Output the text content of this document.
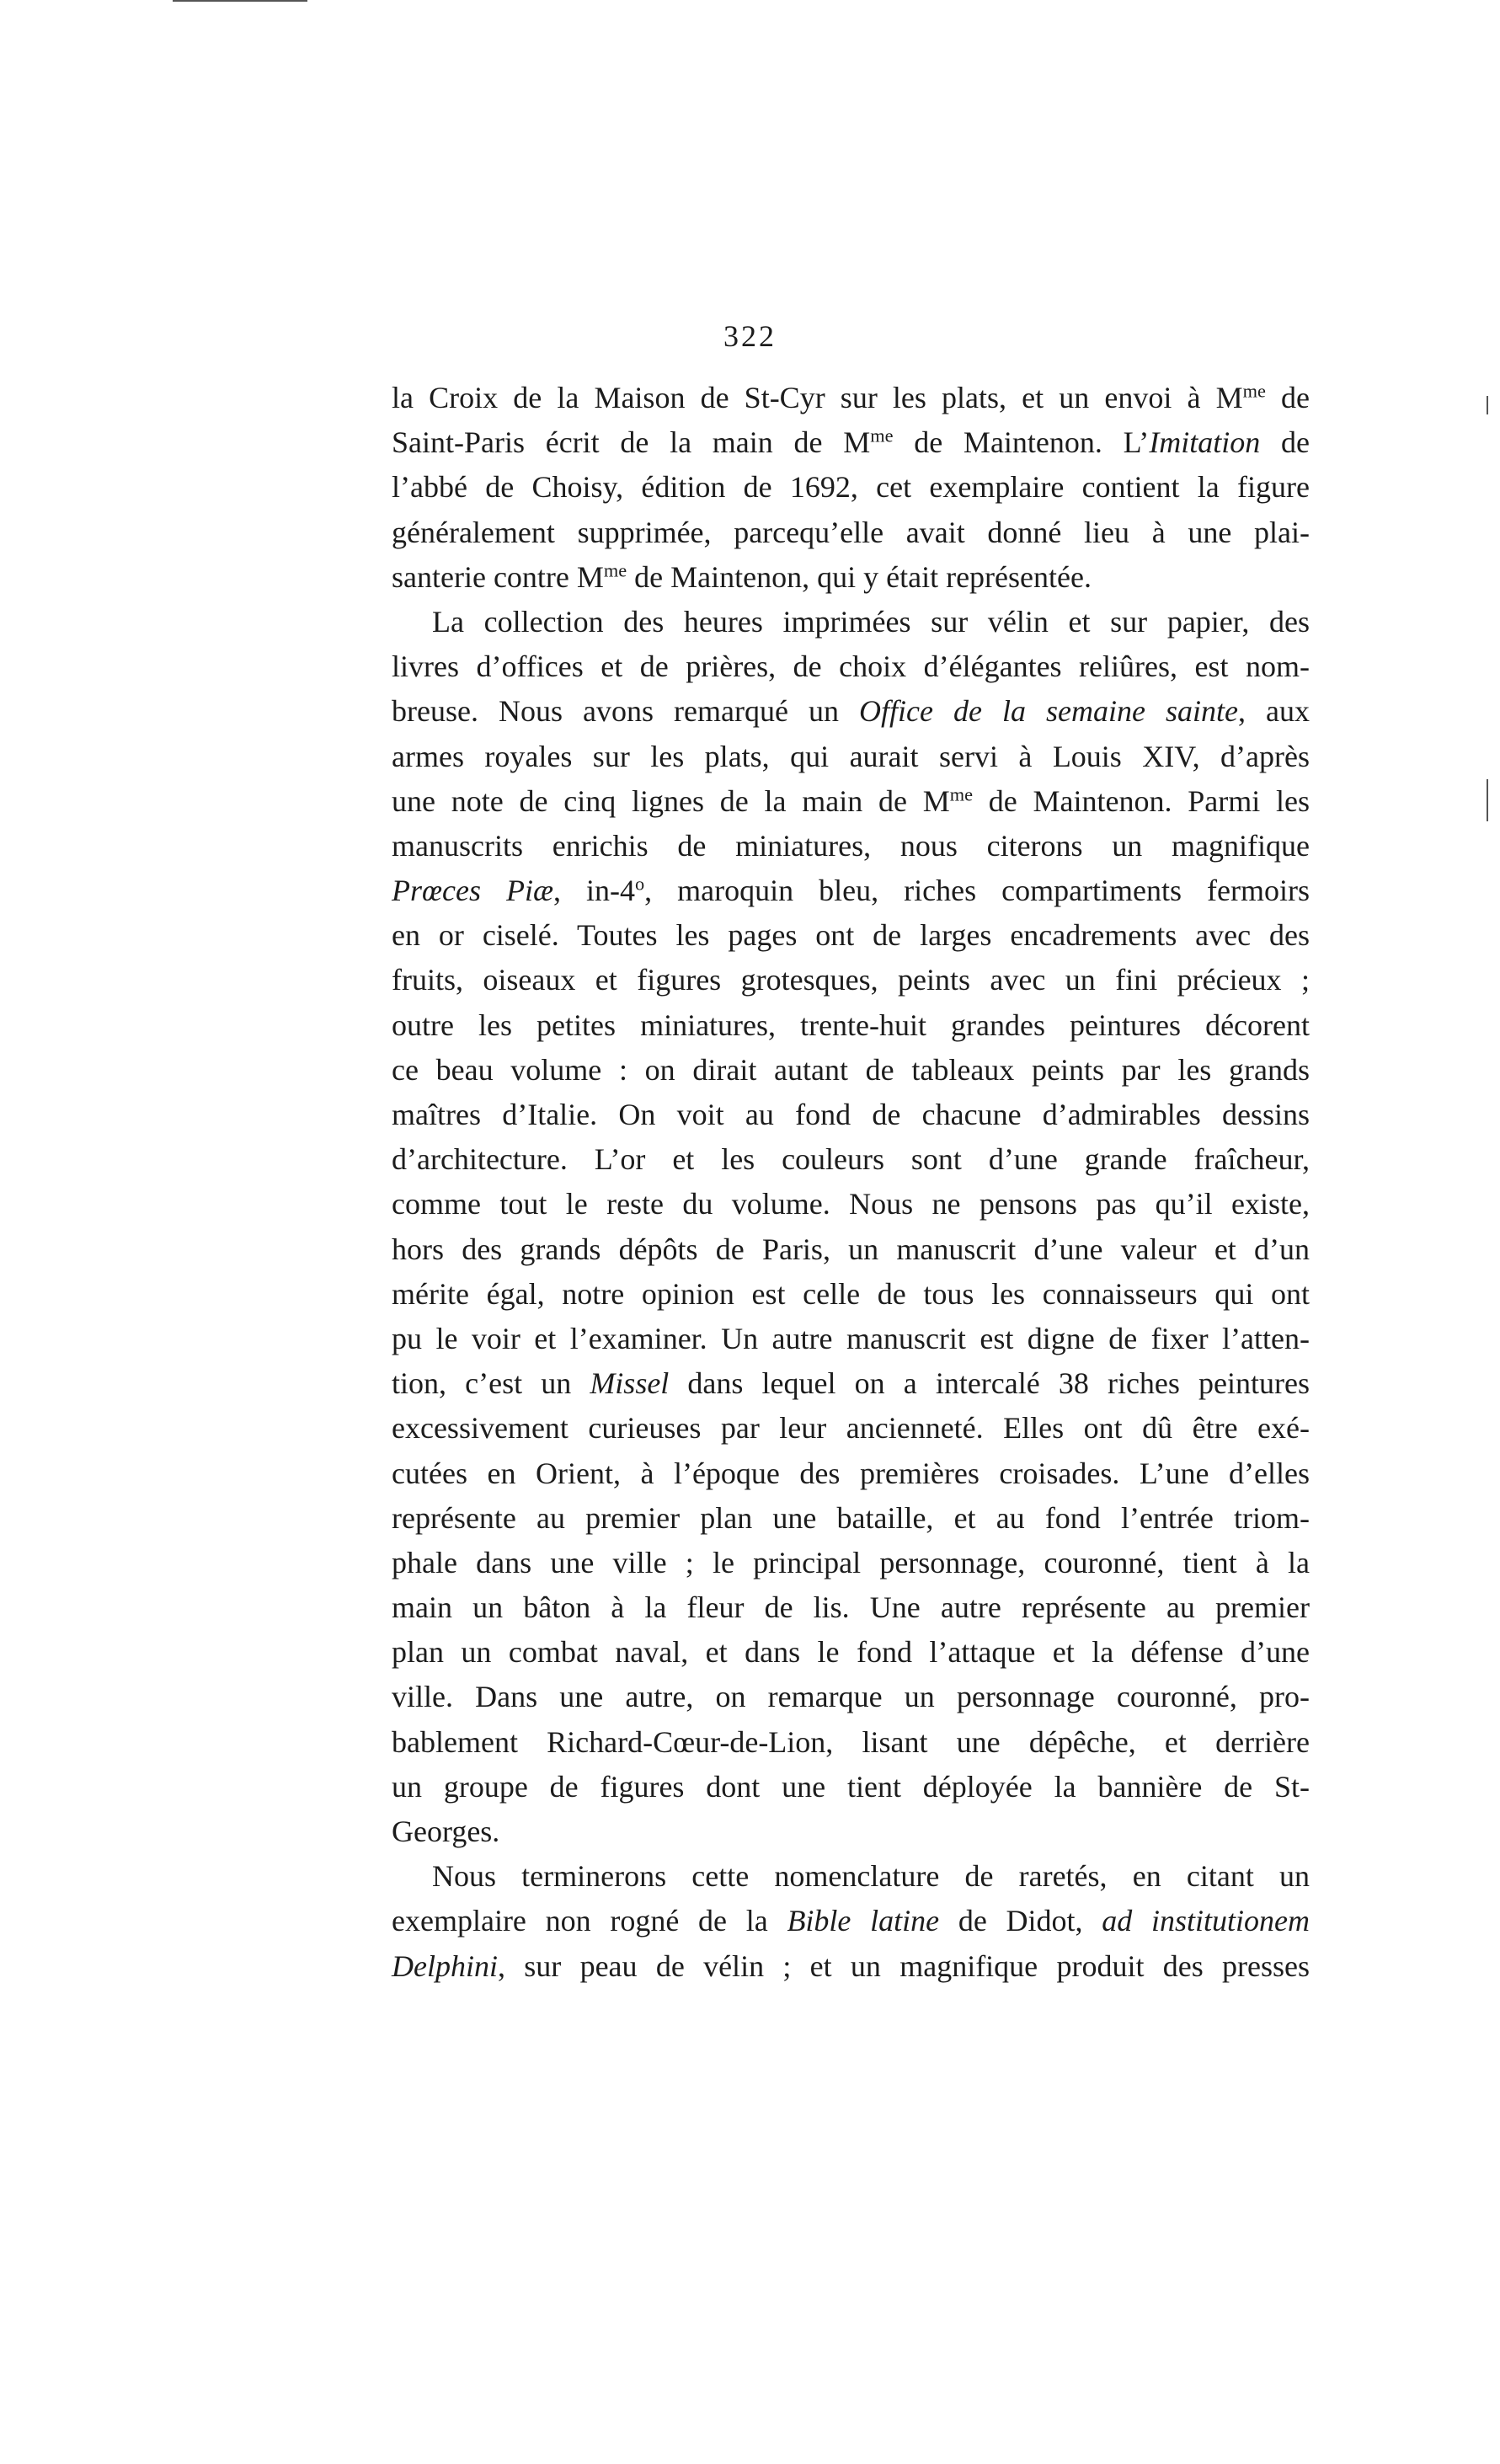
322
la Croix de la Maison de St-Cyr sur les plats, et un envoi à $M^{me}$ de
Saint-Paris écrit de la main de $M^{me}$ de Maintenon. L’Imitation de
l’abbé de Choisy, édition de 1692, cet exemplaire contient la figure
généralement supprimée, parcequ’elle avait donné lieu à une plai-
santerie contre $M^{me}$ de Maintenon, qui y était représentée.
La collection des heures imprimées sur vélin et sur papier, des
livres d’offices et de prières, de choix d’élégantes reliûres, est nom-
breuse. Nous avons remarqué un Office de la semaine sainte, aux
armes royales sur les plats, qui aurait servi à Louis XIV, d’après
une note de cinq lignes de la main de $M^{me}$ de Maintenon. Parmi les
manuscrits enrichis de miniatures, nous citerons un magnifique
Prœces Piæ, in-4$^o$, maroquin bleu, riches compartiments fermoirs
en or ciselé. Toutes les pages ont de larges encadrements avec des
fruits, oiseaux et figures grotesques, peints avec un fini précieux ;
outre les petites miniatures, trente-huit grandes peintures décorent
ce beau volume : on dirait autant de tableaux peints par les grands
maîtres d’Italie. On voit au fond de chacune d’admirables dessins
d’architecture. L’or et les couleurs sont d’une grande fraîcheur,
comme tout le reste du volume. Nous ne pensons pas qu’il existe,
hors des grands dépôts de Paris, un manuscrit d’une valeur et d’un
mérite égal, notre opinion est celle de tous les connaisseurs qui ont
pu le voir et l’examiner. Un autre manuscrit est digne de fixer l’atten-
tion, c’est un Missel dans lequel on a intercalé 38 riches peintures
excessivement curieuses par leur ancienneté. Elles ont dû être exé-
cutées en Orient, à l’époque des premières croisades. L’une d’elles
représente au premier plan une bataille, et au fond l’entrée triom-
phale dans une ville ; le principal personnage, couronné, tient à la
main un bâton à la fleur de lis. Une autre représente au premier
plan un combat naval, et dans le fond l’attaque et la défense d’une
ville. Dans une autre, on remarque un personnage couronné, pro-
bablement Richard-Cœur-de-Lion, lisant une dépêche, et derrière
un groupe de figures dont une tient déployée la bannière de St-
Georges.
Nous terminerons cette nomenclature de raretés, en citant un
exemplaire non rogné de la Bible latine de Didot, ad institutionem
Delphini, sur peau de vélin ; et un magnifique produit des presses
